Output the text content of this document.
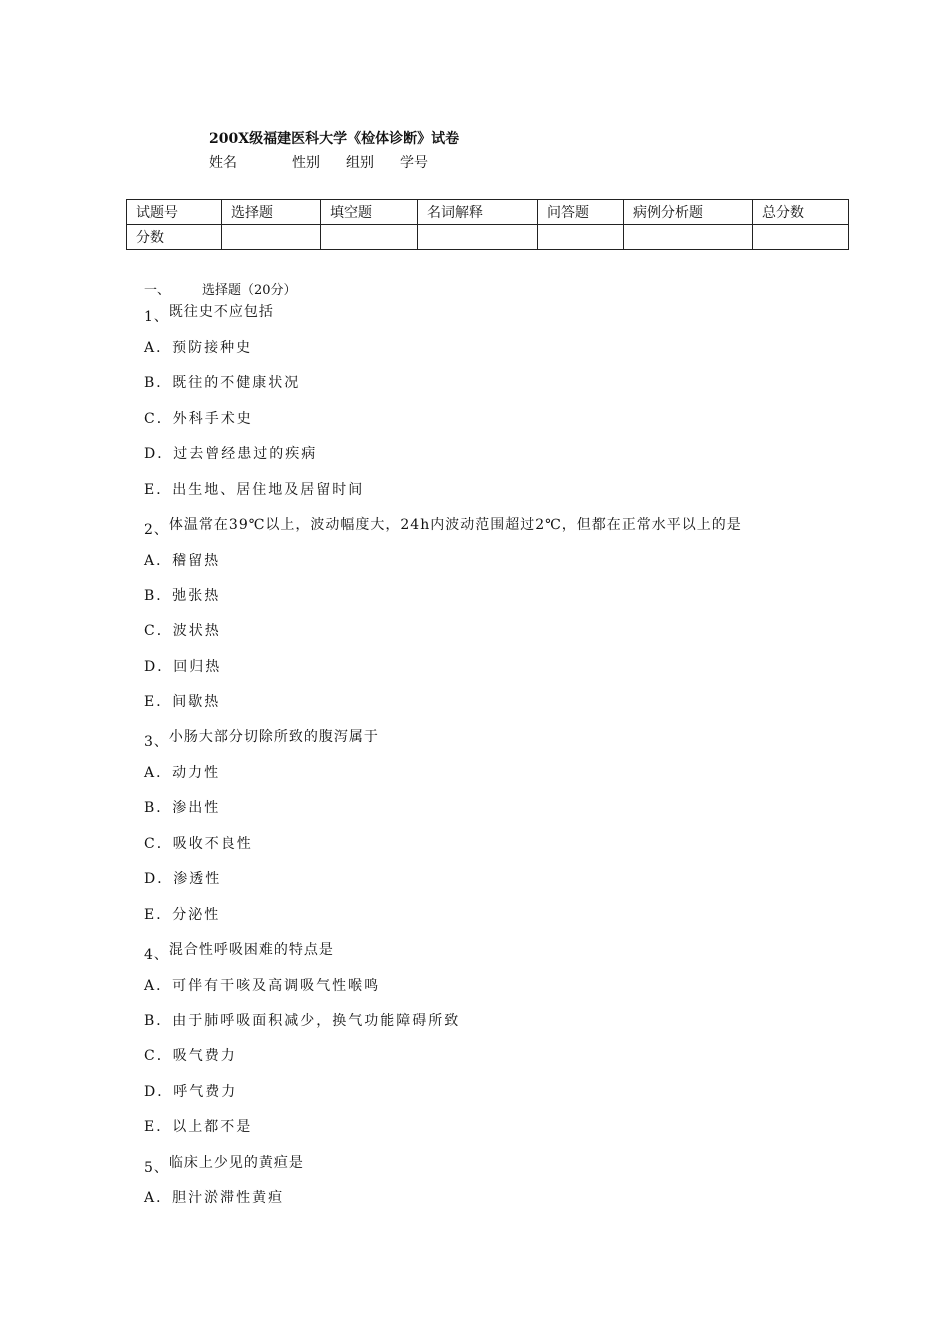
200X级福建医科大学《检体诊断》试卷
姓名	性别 组别 学号
试题号	选择题	填空题	名词解释	问答题	病例分析题	总分数
分数						
一、 选择题（20分）
1、既往史不应包括
A．预防接种史
B．既往的不健康状况
C．外科手术史
D．过去曾经患过的疾病
E．出生地、居住地及居留时间
2、体温常在39℃以上，波动幅度大，24h内波动范围超过2℃，但都在正常水平以上的是
A．稽留热
B．弛张热
C．波状热
D．回归热
E．间歇热
3、小肠大部分切除所致的腹泻属于
A．动力性
B．渗出性
C．吸收不良性
D．渗透性
E．分泌性
4、混合性呼吸困难的特点是
A．可伴有干咳及高调吸气性喉鸣
B．由于肺呼吸面积减少，换气功能障碍所致
C．吸气费力
D．呼气费力
E．以上都不是
5、临床上少见的黄疸是
A．胆汁淤滞性黄疸
